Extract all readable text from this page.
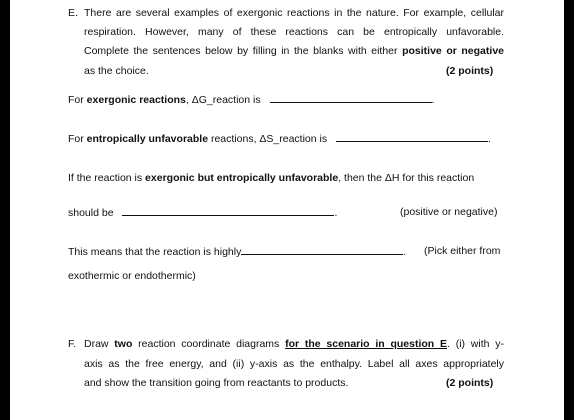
E. There are several examples of exergonic reactions in the nature. For example, cellular
respiration. However, many of these reactions can be entropically unfavorable.
Complete the sentences below by filling in the blanks with either positive or negative
as the choice.	(2 points)
For exergonic reactions, ΔG_reaction is	.
For entropically unfavorable reactions, ΔS_reaction is	.
If the reaction is exergonic but entropically unfavorable, then the ΔH for this reaction
should be	.	(positive or negative)
This means that the reaction is highly	. (Pick either from
exothermic or endothermic)
F. Draw two reaction coordinate diagrams for the scenario in question E. (i) with y-
axis as the free energy, and (ii) y-axis as the enthalpy. Label all axes appropriately
and show the transition going from reactants to products.	(2 points)
